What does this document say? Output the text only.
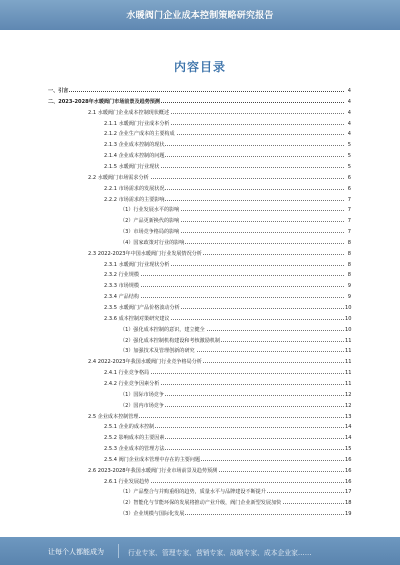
水暖阀门企业成本控制策略研究报告
内容目录
一、引言	4
二、2023-2028年水暖阀门市场前景及趋势预测	4
2.1 水暖阀门企业成本控制现状概述	4
2.1.1 水暖阀门行业成本分析	4
2.1.2 企业生产成本的主要构成	4
2.1.3 企业成本控制的现状	5
2.1.4 企业成本控制的问题	5
2.1.5 水暖阀门行业现状	5
2.2 水暖阀门市场需求分析	6
2.2.1 市场需求的发展状况	6
2.2.2 市场需求的主要影响	7
（1）行业发展水平的影响	7
（2）产品更新换代的影响	7
（3）市场竞争格局的影响	7
（4）国家政策对行业的影响	8
2.3 2022-2023年中国水暖阀门行业发展情况分析	8
2.3.1 水暖阀门行业现状分析	8
2.3.2 行业规模	8
2.3.3 市场规模	9
2.3.4 产品结构	9
2.3.5 水暖阀门产品价格波动分析	10
2.3.6 成本控制对策研究建议	10
（1）强化成本控制的意识，建立健全	10
（2）强化成本控制机构建设和考核激励机制	11
（3）加强技术及管理创新的研究	11
2.4 2022-2023年我国水暖阀门行业竞争格局分析	11
2.4.1 行业竞争格局	11
2.4.2 行业竞争因素分析	11
（1）国际市场竞争	12
（2）国内市场竞争	12
2.5 企业成本控制管理	13
2.5.1 企业的成本控制	14
2.5.2 影响成本的主要因素	14
2.5.3 企业成本的管理方法	15
2.5.4 阀门企业成本管理中存在的主要问题	16
2.6 2023-2028年我国水暖阀门行业市场前景及趋势预测	16
2.6.1 行业发展趋势	16
（1）产品整合与并购重组的趋势，质量水平与品牌建设不断提升	17
（2）智能化与节能环保的发展将推动产业升级，阀门企业新型发展加快	18
（3）企业规模与国际化发展	19
让每个人都能成为	行业专家、管理专家、营销专家、战略专家、成本企业家……
